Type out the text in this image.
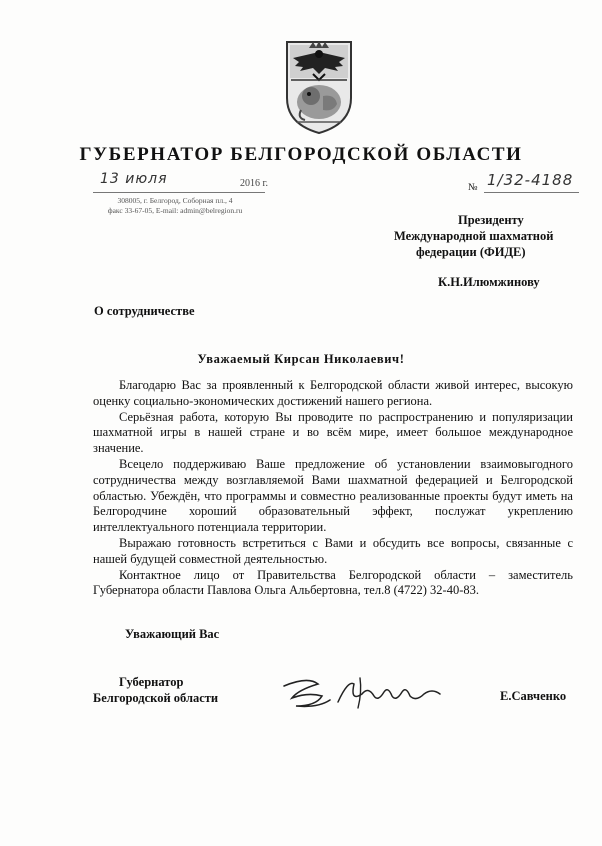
ГУБЕРНАТОР БЕЛГОРОДСКОЙ ОБЛАСТИ
13 июля	2016 г.	№ 1/32-4188
308005, г. Белгород, Соборная пл., 4
факс 33-67-05, E-mail: admin@belregion.ru
Президенту
Международной шахматной
федерации (ФИДЕ)
К.Н.Илюмжинову
О сотрудничестве
Уважаемый Кирсан Николаевич!

Благодарю Вас за проявленный к Белгородской области живой интерес, высокую оценку социально-экономических достижений нашего региона.

Серьёзная работа, которую Вы проводите по распространению и популяризации шахматной игры в нашей стране и во всём мире, имеет большое международное значение.

Всецело поддерживаю Ваше предложение об установлении взаимовыгодного сотрудничества между возглавляемой Вами шахматной федерацией и Белгородской областью. Убеждён, что программы и совместно реализованные проекты будут иметь на Белгородчине хороший образовательный эффект, послужат укреплению интеллектуального потенциала территории.

Выражаю готовность встретиться с Вами и обсудить все вопросы, связанные с нашей будущей совместной деятельностью.

Контактное лицо от Правительства Белгородской области – заместитель Губернатора области Павлова Ольга Альбертовна, тел.8 (4722) 32-40-83.

Уважающий Вас
Губернатор
Белгородской области	Е.Савченко
